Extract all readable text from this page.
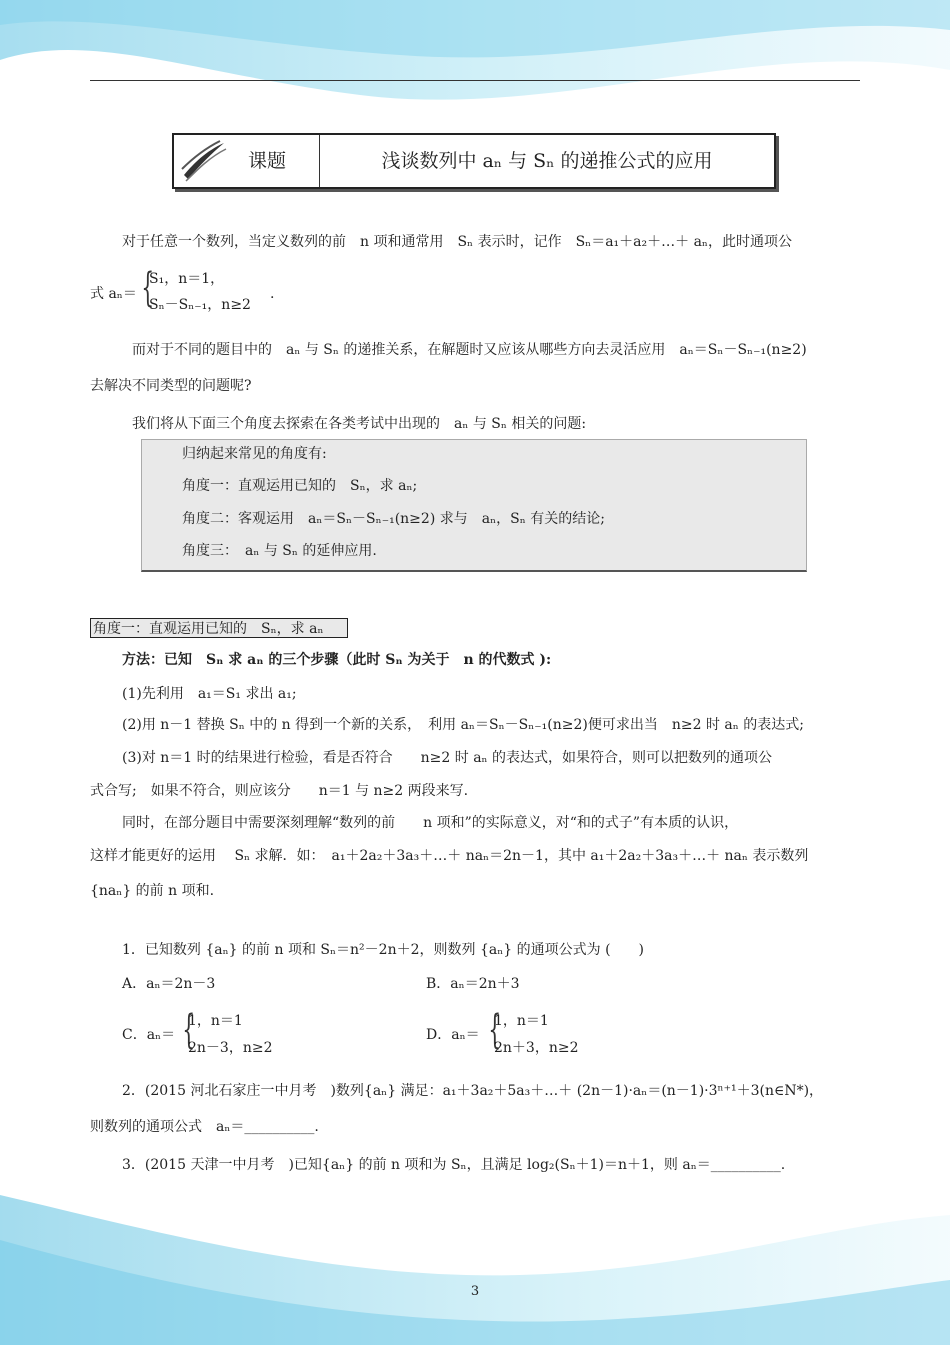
课题	浅谈数列中 aₙ 与 Sₙ 的递推公式的应用
对于任意一个数列，当定义数列的前　n 项和通常用　Sₙ 表示时，记作　Sₙ＝a₁＋a₂＋…＋ aₙ，此时通项公
式 aₙ＝ {
S₁，n＝1，
Sₙ－Sₙ₋₁，n≥2
.
而对于不同的题目中的　aₙ 与 Sₙ 的递推关系，在解题时又应该从哪些方向去灵活应用　aₙ＝Sₙ－Sₙ₋₁(n≥2)
去解决不同类型的问题呢?
我们将从下面三个角度去探索在各类考试中出现的　aₙ 与 Sₙ 相关的问题:
归纳起来常见的角度有:
角度一：直观运用已知的　Sₙ，求 aₙ;
角度二：客观运用　aₙ＝Sₙ－Sₙ₋₁(n≥2) 求与　aₙ，Sₙ 有关的结论;
角度三：　aₙ 与 Sₙ 的延伸应用.
角度一：直观运用已知的　Sₙ，求 aₙ
方法：已知　Sₙ 求 aₙ 的三个步骤（此时 Sₙ 为关于　n 的代数式 ):
(1)先利用　a₁＝S₁ 求出 a₁;
(2)用 n－1 替换 Sₙ 中的 n 得到一个新的关系，　利用 aₙ＝Sₙ－Sₙ₋₁(n≥2)便可求出当　n≥2 时 aₙ 的表达式;
(3)对 n＝1 时的结果进行检验，看是否符合　　n≥2 时 aₙ 的表达式，如果符合，则可以把数列的通项公
式合写;　如果不符合，则应该分　　n＝1 与 n≥2 两段来写.
同时，在部分题目中需要深刻理解“数列的前　　n 项和”的实际意义，对“和的式子”有本质的认识，
这样才能更好的运用　 Sₙ 求解．如：　a₁＋2a₂＋3a₃＋…＋ naₙ＝2n－1，其中 a₁＋2a₂＋3a₃＋…＋ naₙ 表示数列
{naₙ} 的前 n 项和.
1．已知数列 {aₙ} 的前 n 项和 Sₙ＝n²－2n＋2，则数列 {aₙ} 的通项公式为 (　　)
A．aₙ＝2n－3	B．aₙ＝2n＋3
C．aₙ＝ {
1，n＝1
2n－3，n≥2
D．aₙ＝ {
1，n＝1
2n＋3，n≥2
2．(2015 河北石家庄一中月考　)数列{aₙ} 满足：a₁＋3a₂＋5a₃＋…＋ (2n－1)·aₙ＝(n－1)·3ⁿ⁺¹＋3(n∈N*)，
则数列的通项公式　aₙ＝__________.
3．(2015 天津一中月考　)已知{aₙ} 的前 n 项和为 Sₙ，且满足 log₂(Sₙ＋1)＝n＋1，则 aₙ＝__________.
3
